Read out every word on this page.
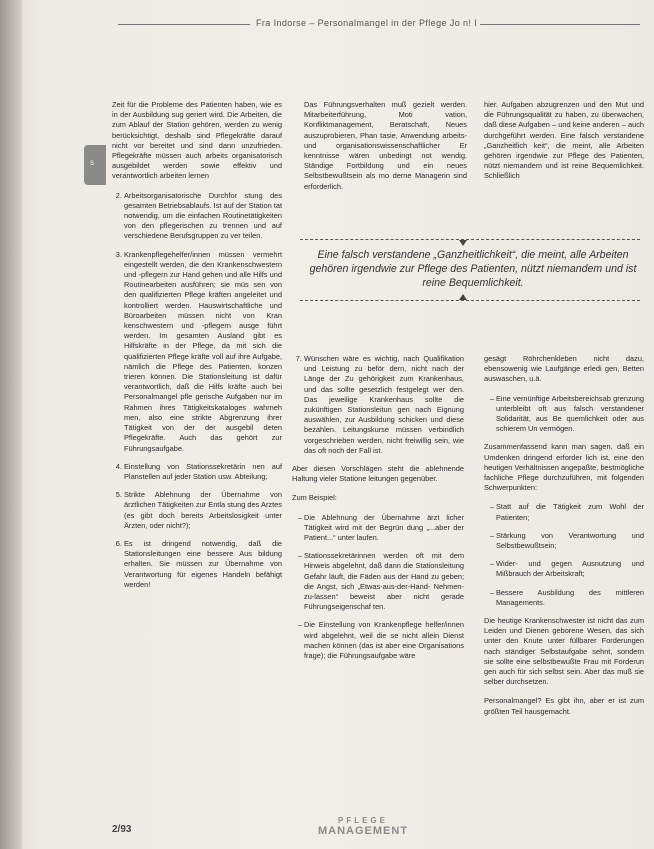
s
Fra Indorse – Personalmangel in der Pflege Jo n! I

Zeit für die Probleme des Patienten haben, wie es in der Ausbildung sug geriert wird. Die Arbeiten, die zum Ablauf der Station gehören, werden zu wenig berücksichtigt, deshalb sind Pflegekräfte darauf nicht vor bereitet und sind dann unzufrieden. Pflegekräfte müssen auch arbeits organisatorisch ausgebildet werden sowie effektiv und verantwortlich arbeiten lernen

2. Arbeitsorganisatorische Durchfor stung des gesamten Betriebsablaufs. Ist auf der Station tat notwendig, um die einfachen Routinetätigkeiten von den pflegerischen zu trennen und auf verschiedene Berufsgruppen zu ver teilen.
3. Krankenpflegehelfer/innen müssen vermehrt eingestellt werden, die den Krankenschwestern und -pflegern zur Hand gehen und alle Hilfs und Routinearbeiten ausführen; sie müs sen von den qualifizierten Pflege kräften angeleitet und kontrolliert werden. Hauswirtschaftliche und Büroarbeiten müssen nicht von Kran kenschwestern und -pflegern ausge führt werden. Im gesamten Ausland gibt es Hilfskräfte in der Pflege, da mit sich die qualifizierten Pflege kräfte voll auf ihre Aufgabe, nämlich die Pflege des Patienten, konzen trieren können. Die Stationsleitung ist dafür verantwortlich, daß die Hilfs kräfte auch bei Personalmangel pfle gerische Aufgaben nur im Rahmen ihres Tätigkeitskataloges wahrneh men, also eine strikte Abgrenzung ihrer Tätigkeit von der der ausgebil deten Pflegekräfte. Auch das gehört zur Führungsaufgabe.
4. Einstellung von Stationssekretärin nen auf Planstellen auf jeder Station usw. Abteilung;
5. Strikte Ablehnung der Übernahme von ärztlichen Tätigkeiten zur Entla stung des Arztes (es gibt doch bereits Arbeitslosigkeit unter Ärzten, oder nicht?);
6. Es ist dringend notwendig, daß die Stationsleitungen eine bessere Aus bildung erhalten. Sie müssen zur Übernahme von Verantwortung für eigenes Handeln befähigt werden!

Das Führungsverhalten muß gezielt werden. Mitarbeiterführung, Moti vation, Konfliktmanagement, Beratschaft, Neues auszuprobieren, Phan tasie, Anwendung arbeits- und organisationswissenschaftlicher Er kenntnisse wären unbedingt not wendig. Ständige Fortbildung und ein neues Selbstbewußtsein als mo derne Managerin sind erforderlich.

hier. Aufgaben abzugrenzen und den Mut und die Führungsqualität zu haben, zu überwachen, daß diese Aufgaben – und keine anderen – auch durchgeführt werden. Eine falsch verstandene „Ganzheitlich keit“, die meint, alle Arbeiten gehören irgendwie zur Pflege des Patienten, nützt niemandem und ist reine Bequemlichkeit. Schließlich

Eine falsch verstandene „Ganzheitlichkeit“, die meint, alle Arbeiten gehören irgendwie zur Pflege des Patienten, nützt niemandem und ist reine Bequemlichkeit.
7. Wünschen wäre es wichtig, nach Qualifikation und Leistung zu beför dern, nicht nach der Länge der Zu gehörigkeit zum Krankenhaus, und das sollte gesetzlich festgelegt wer den. Das jeweilige Krankenhaus sollte die zukünftigen Stationsleitun gen nach Eignung auswählen, zur Ausbildung schicken und diese bezahlen. Leitungskurse müssen verbindlich vorgeschrieben werden, nicht freiwillig sein, wie das oft noch der Fall ist.

Aber diesen Vorschlägen steht die ablehnende Haltung vieler Statione leitungen gegenüber.

Zum Beispiel:

– Die Ablehnung der Übernahme ärzt licher Tätigkeit wird mit der Begrün dung „...aber der Patient...“ unter laufen.
– Stationssekretärinnen werden oft mit dem Hinweis abgelehnt, daß dann die Stationsleitung Gefahr läuft, die Fäden aus der Hand zu geben; die Angst, sich „Etwas-aus-der-Hand- Nehmen-zu-lassen“ beweist aber nicht gerade Führungseigenschaf ten.
– Die Einstellung von Krankenpflege helfer/innen wird abgelehnt, weil die se nicht allein Dienst machen können (das ist aber eine Organisations frage); die Führungsaufgabe wäre

gesägt Röhrchenkleben nicht dazu, ebensowenig wie Laufgänge erledi gen, Betten auswaschen, u.ä.

– Eine vernünftige Arbeitsbereichsab grenzung unterbleibt oft aus falsch verstandener Solidarität, aus Be quemlichkeit oder aus schierem Un vermögen.

Zusammenfassend kann man sagen, daß ein Umdenken dringend erforder lich ist, eine den heutigen Verhältnissen angepaßte, bestmögliche fachliche Pflege durchzuführen, mit folgenden Schwerpunkten:

– Statt auf die Tätigkeit zum Wohl der Patienten;
– Stärkung von Verantwortung und Selbstbewußtsein;
– Wider- und gegen Ausnutzung und Mißbrauch der Arbeitskraft;
– Bessere Ausbildung des mittleren Managements.

Die heutige Krankenschwester ist nicht das zum Leiden und Dienen geborene Wesen, das sich unter den Knute unter füllbarer Forderungen nach ständiger Selbstaufgabe sehnt, sondern sie sollte eine selbstbewußte Frau mit Forderun gen auch für sich selbst sein. Aber das muß sie selber durchsetzen.

Personalmangel? Es gibt ihn, aber er ist zum größten Teil hausgemacht.

2/93
PFLEGE
MANAGEMENT
